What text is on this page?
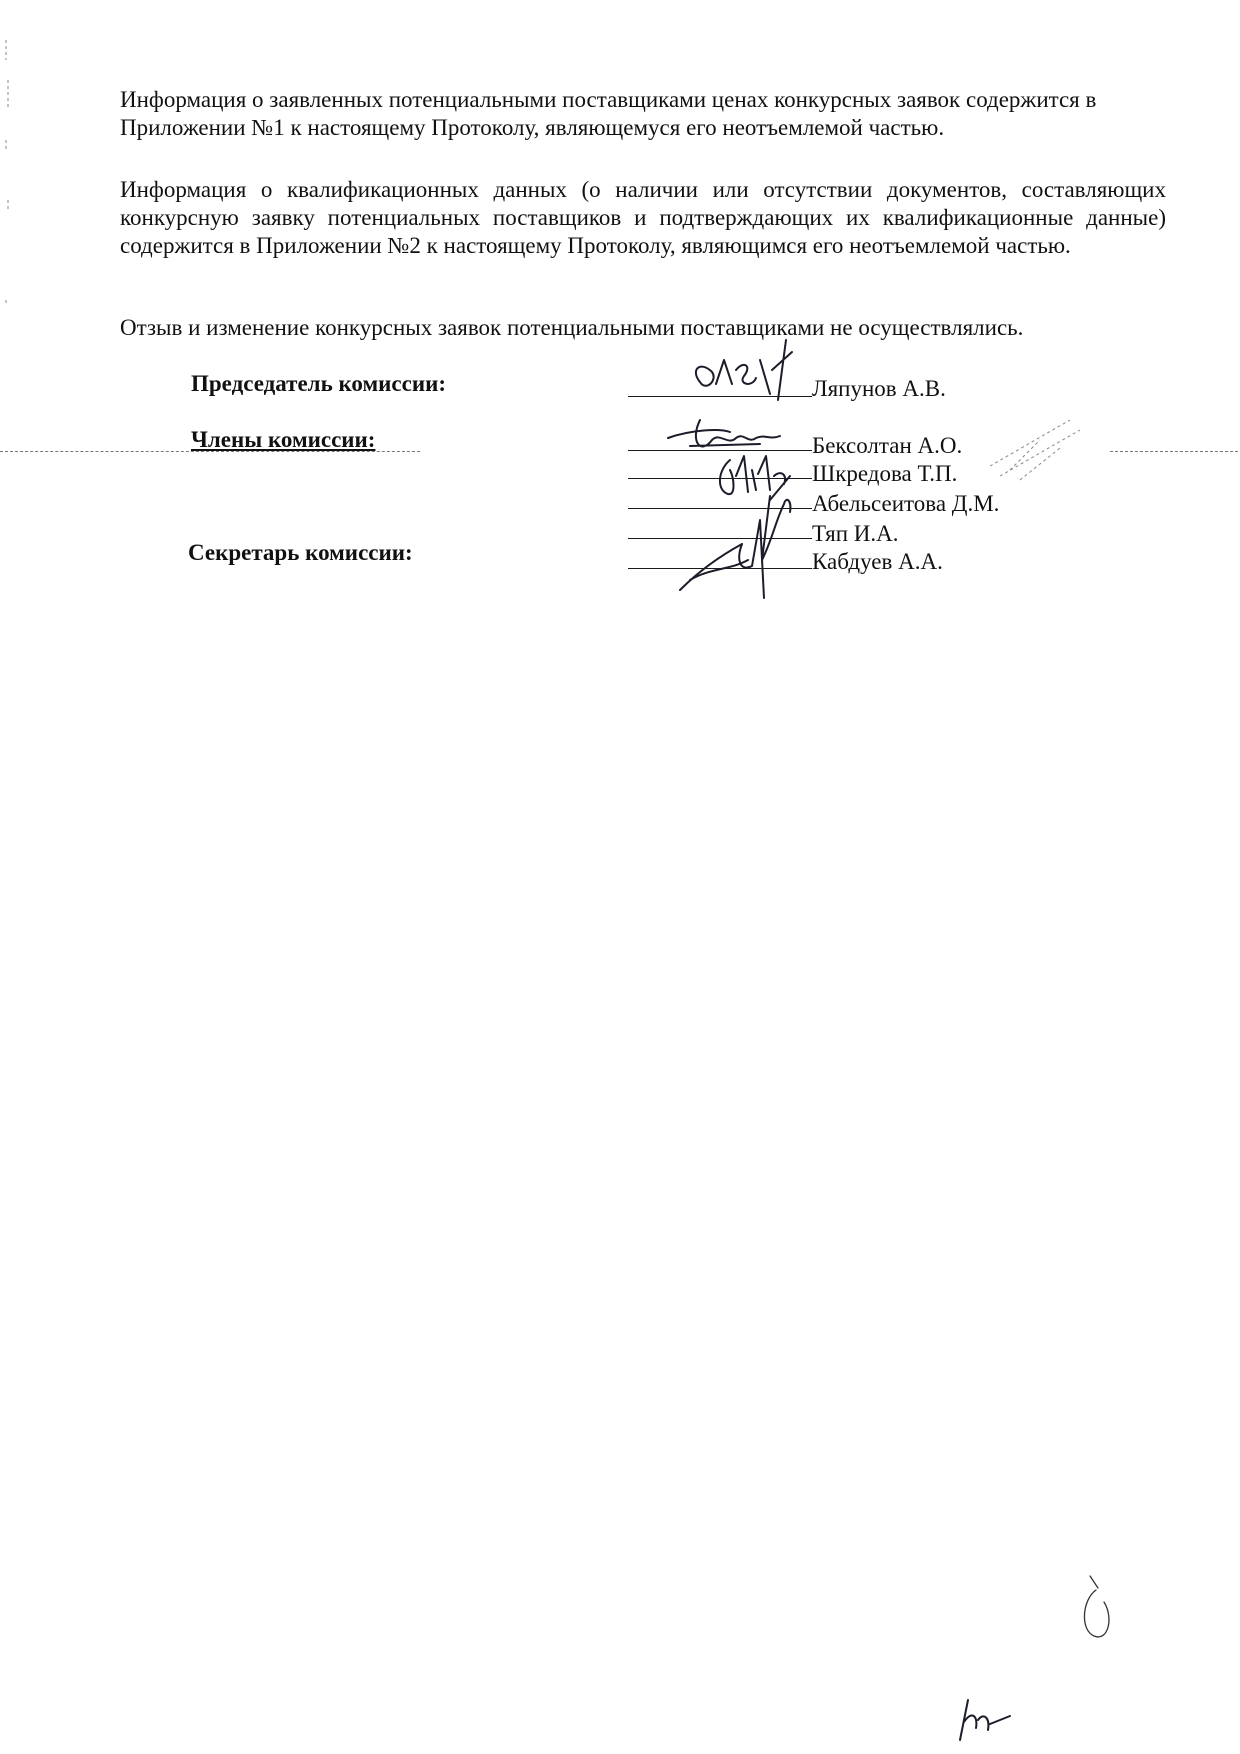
Информация о заявленных потенциальными поставщиками ценах конкурсных заявок содержится в Приложении №1 к настоящему Протоколу, являющемуся его неотъемлемой частью.

Информация о квалификационных данных (о наличии или отсутствии документов, составляющих конкурсную заявку потенциальных поставщиков и подтверждающих их квалификационные данные) содержится в Приложении №2 к настоящему Протоколу, являющимся его неотъемлемой частью.

Отзыв и изменение конкурсных заявок потенциальными поставщиками не осуществлялись.

Председатель комиссии:
Члены комиссии:
Секретарь комиссии:
Ляпунов А.В.
Бексолтан А.О.
Шкредова Т.П.
Абельсеитова Д.М.
Тяп И.А.
Кабдуев А.А.
